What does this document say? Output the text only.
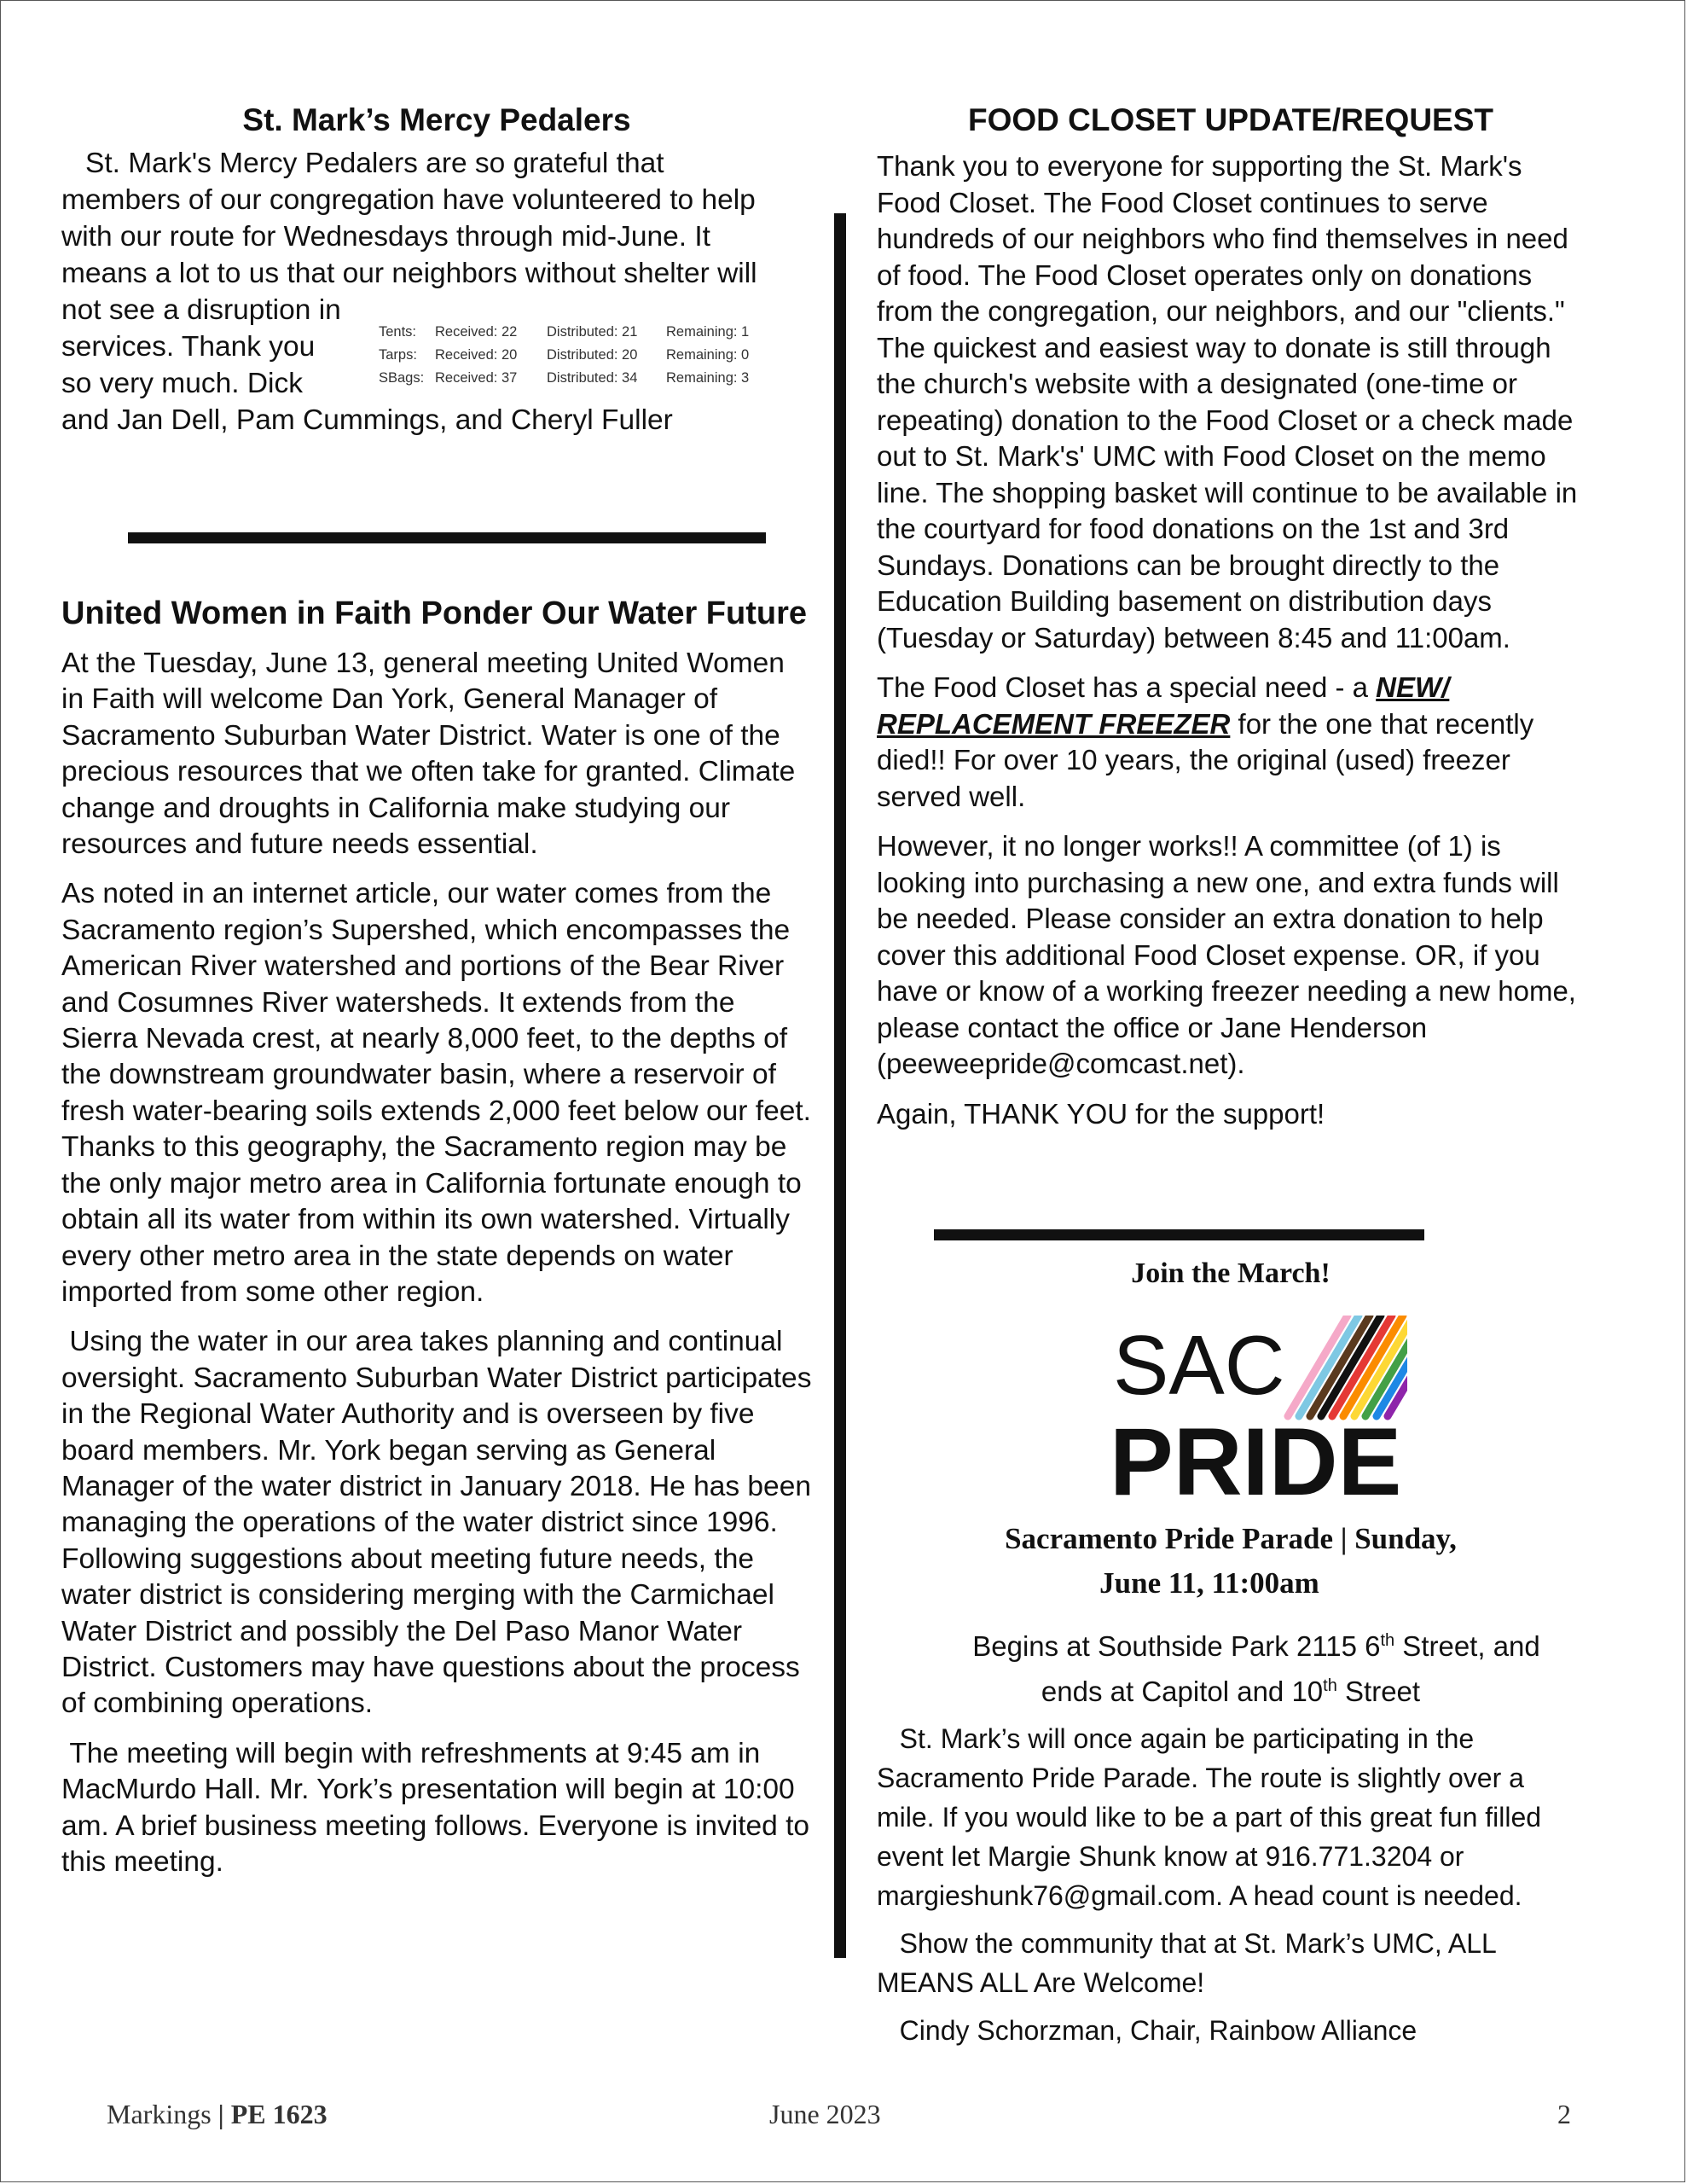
St. Mark’s Mercy Pedalers
St. Mark's Mercy Pedalers are so grateful that
members of our congregation have volunteered to help
with our route for Wednesdays through mid-June. It
means a lot to us that our neighbors without shelter will
not see a disruption in
services. Thank you	Tents: Received: 22 Distributed: 21 Remaining: 1
Tarps: Received: 20 Distributed: 20 Remaining: 0
SBags: Received: 37 Distributed: 34 Remaining: 3
so very much. Dick
and Jan Dell, Pam Cummings, and Cheryl Fuller
United Women in Faith Ponder Our Water Future

At the Tuesday, June 13, general meeting United Women in Faith will welcome Dan York, General Manager of Sacramento Suburban Water District. Water is one of the precious resources that we often take for granted. Climate change and droughts in California make studying our resources and future needs essential.

As noted in an internet article, our water comes from the Sacramento region’s Supershed, which encompasses the American River watershed and portions of the Bear River and Cosumnes River watersheds. It extends from the Sierra Nevada crest, at nearly 8,000 feet, to the depths of the downstream groundwater basin, where a reservoir of fresh water-bearing soils extends 2,000 feet below our feet. Thanks to this geography, the Sacramento region may be the only major metro area in California fortunate enough to obtain all its water from within its own watershed. Virtually every other metro area in the state depends on water imported from some other region.

Using the water in our area takes planning and continual oversight. Sacramento Suburban Water District participates in the Regional Water Authority and is overseen by five board members. Mr. York began serving as General Manager of the water district in January 2018. He has been managing the operations of the water district since 1996. Following suggestions about meeting future needs, the water district is considering merging with the Carmichael Water District and possibly the Del Paso Manor Water District. Customers may have questions about the process of combining operations.

The meeting will begin with refreshments at 9:45 am in MacMurdo Hall. Mr. York’s presentation will begin at 10:00 am. A brief business meeting follows. Everyone is invited to this meeting.

FOOD CLOSET UPDATE/REQUEST

Thank you to everyone for supporting the St. Mark's Food Closet. The Food Closet continues to serve hundreds of our neighbors who find themselves in need of food. The Food Closet operates only on donations from the congregation, our neighbors, and our "clients." The quickest and easiest way to donate is still through the church's website with a designated (one-time or repeating) donation to the Food Closet or a check made out to St. Mark's' UMC with Food Closet on the memo line. The shopping basket will continue to be available in the courtyard for food donations on the 1st and 3rd Sundays. Donations can be brought directly to the Education Building basement on distribution days (Tuesday or Saturday) between 8:45 and 11:00am.

The Food Closet has a special need - a NEW/ REPLACEMENT FREEZER for the one that recently died!! For over 10 years, the original (used) freezer served well.

However, it no longer works!! A committee (of 1) is looking into purchasing a new one, and extra funds will be needed. Please consider an extra donation to help cover this additional Food Closet expense. OR, if you have or know of a working freezer needing a new home, please contact the office or Jane Henderson (peeweepride@comcast.net).

Again, THANK YOU for the support!

Join the March!
SAC
PRIDE
Sacramento Pride Parade | Sunday,
June 11, 11:00am
Begins at Southside Park 2115 6th Street, and
ends at Capitol and 10th Street

St. Mark’s will once again be participating in the Sacramento Pride Parade. The route is slightly over a mile. If you would like to be a part of this great fun filled event let Margie Shunk know at 916.771.3204 or margieshunk76@gmail.com. A head count is needed.

Show the community that at St. Mark’s UMC, ALL MEANS ALL Are Welcome!

Cindy Schorzman, Chair, Rainbow Alliance

Markings | PE 1623	June 2023	2
